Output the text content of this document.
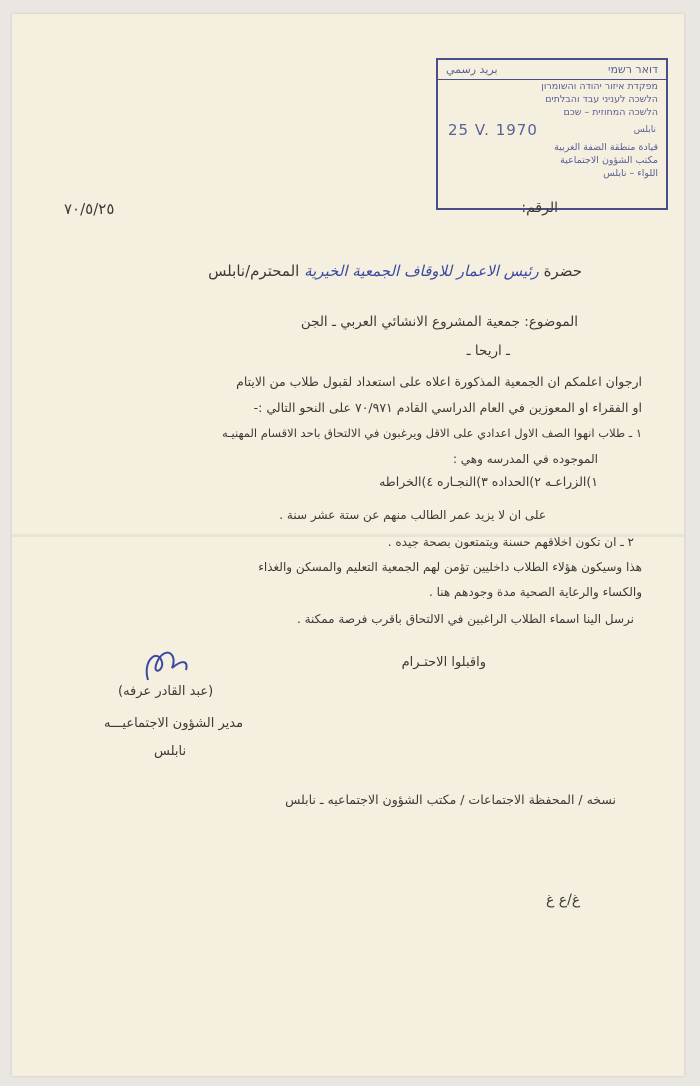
بريد رسمي	דואר רשמי
מפקדת איזור יהודה והשומרון
הלשכה לעניני עבד והבלתים
הלשכה המחוזית – שכם
نابلس
25 V. 1970
قيادة منطقة الضفة الغربية
مكتب الشؤون الاجتماعية
اللواء – نابلس
الرقم:
٧٠/٥/٢٥
حضرة رئيس الاعمار للاوقاف الجمعية الخيرية المحترم/نابلس
الموضوع: جمعية المشروع الانشائي العربي ـ الجن
ـ اريحا ـ
ارجوان اعلمكم ان الجمعية المذكورة اعلاه على استعداد لقبول طلاب من الايتام
او الفقراء او المعوزين في العام الدراسي القادم ٧٠/٩٧١ على النحو التالي :-
١ ـ طلاب انهوا الصف الاول اعدادي على الاقل ويرغبون في الالتحاق باحد الاقسام المهنيـه
الموجوده في المدرسه وهي :
١)الزراعـه ٢)الحداده ٣)النجـاره ٤)الخراطه
على ان لا يزيد عمر الطالب منهم عن ستة عشر سنة .
٢ ـ ان تكون اخلاقهم حسنة ويتمتعون بصحة جيده .
هذا وسيكون هؤلاء الطلاب داخليين تؤمن لهم الجمعية التعليم والمسكن والغذاء
والكساء والرعاية الصحية مدة وجودهم هنا .
نرسل الينا اسماء الطلاب الراغبين في الالتحاق باقرب فرصة ممكنة .
واقبلوا الاحتـرام
(عبد القادر عرفه)
مدير الشؤون الاجتماعيـــه
نابلس
نسخه / المحفظة الاجتماعات / مكتب الشؤون الاجتماعيه ـ نابلس
غ/ع غ
